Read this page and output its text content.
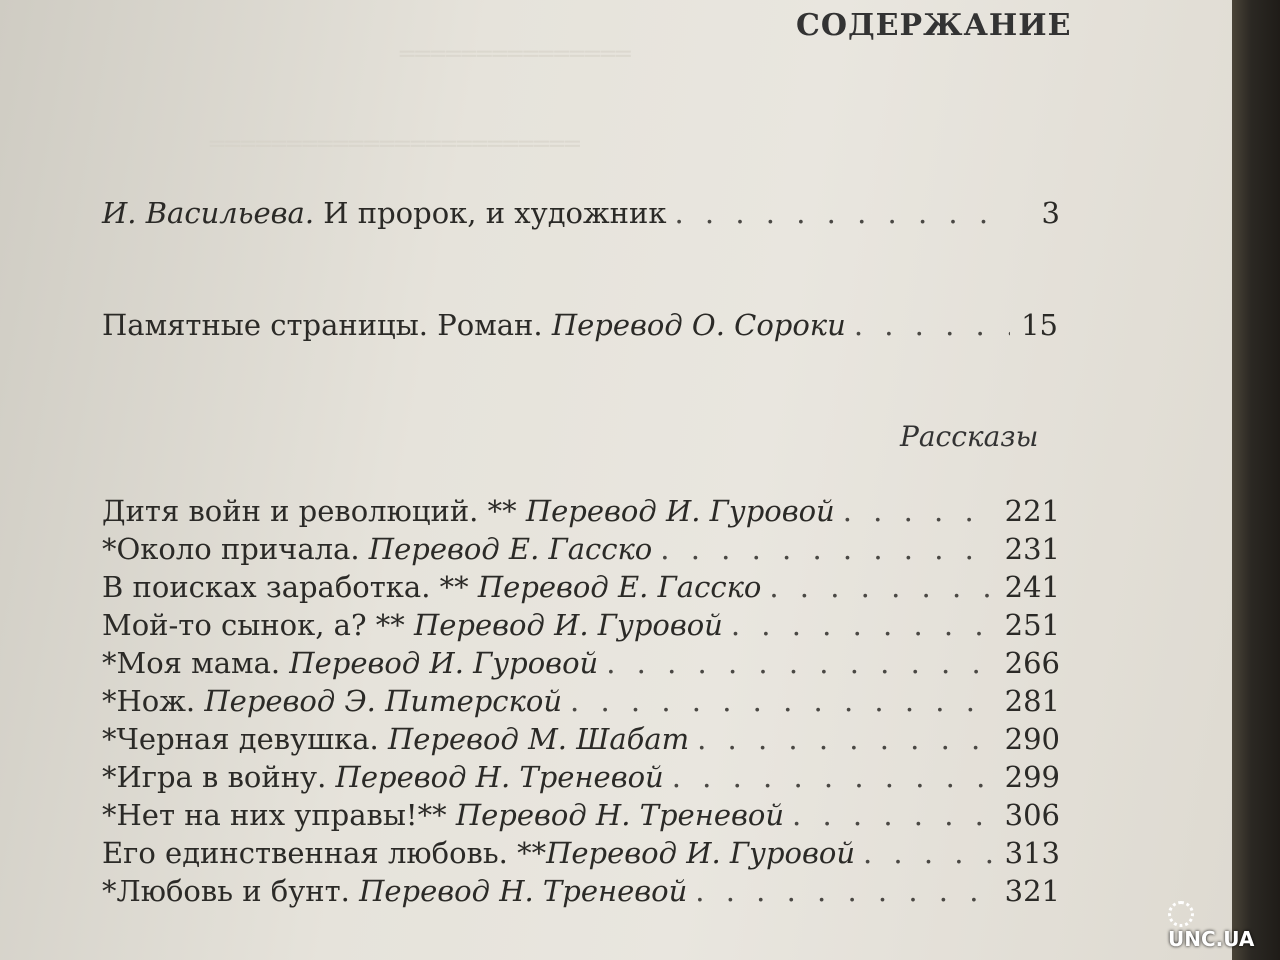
═══════════════
════════════════════════
СОДЕРЖАНИЕ
И. Васильева. И пророк, и художник . . .	3
Памятные страницы. Роман. Перевод О. Сороки . . .	15
Рассказы
Дитя войн и революций. ** Перевод И. Гуровой . . .	221
*Около причала. Перевод Е. Гасско . . .	231
В поисках заработка. ** Перевод Е. Гасско . . .	241
Мой-то сынок, а? ** Перевод И. Гуровой . . .	251
*Моя мама. Перевод И. Гуровой . . .	266
*Нож. Перевод Э. Питерской . . .	281
*Черная девушка. Перевод М. Шабат . . .	290
*Игра в войну. Перевод Н. Треневой . . .	299
*Нет на них управы!** Перевод Н. Треневой . . .	306
Его единственная любовь. **Перевод И. Гуровой . . .	313
*Любовь и бунт. Перевод Н. Треневой . . .	321
UNC.UA
